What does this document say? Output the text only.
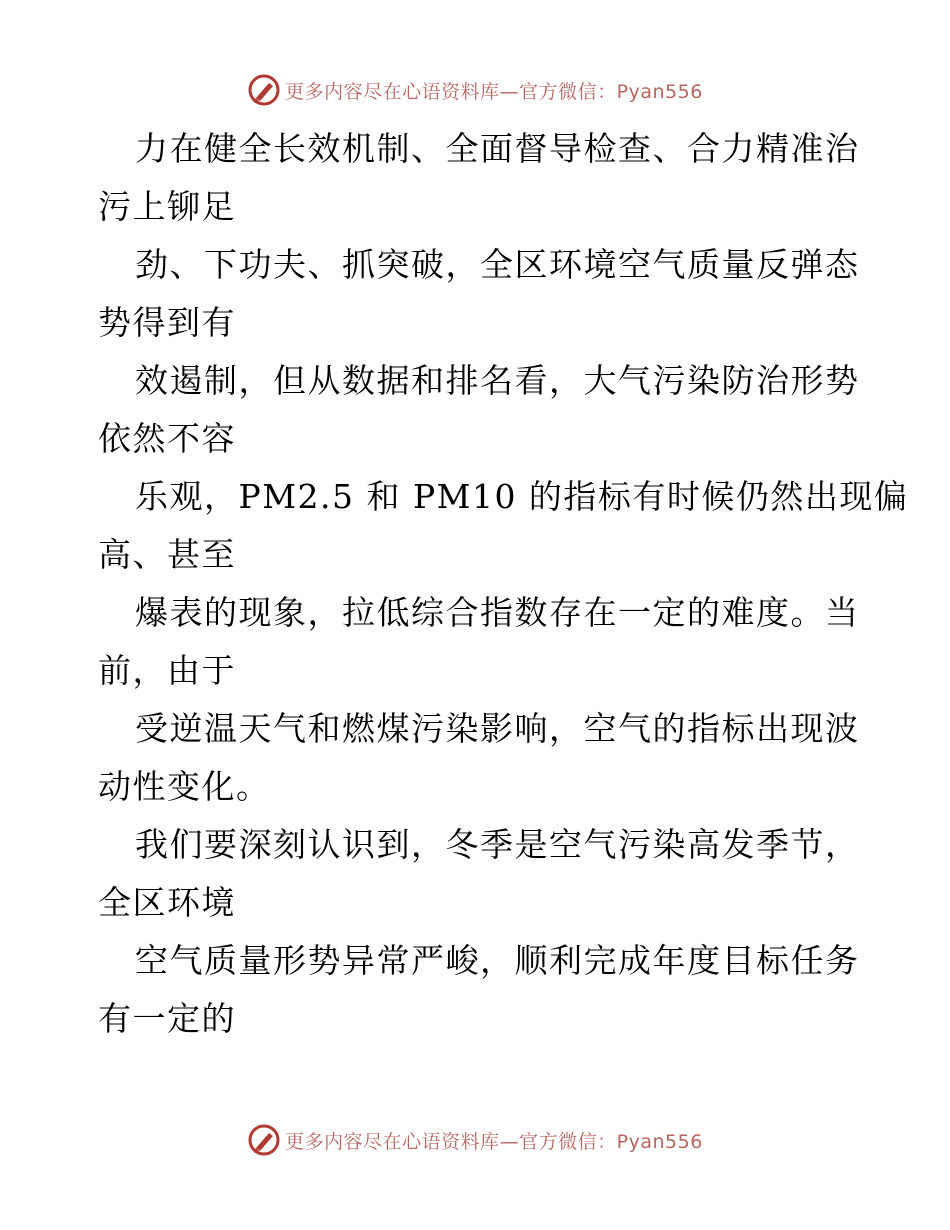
更多内容尽在心语资料库—官方微信：Pyan556

力在健全长效机制、全面督导检查、合力精准治
污上铆足

劲、下功夫、抓突破，全区环境空气质量反弹态
势得到有

效遏制，但从数据和排名看，大气污染防治形势
依然不容

乐观，PM2.5 和 PM10 的指标有时候仍然出现偏
高、甚至

爆表的现象，拉低综合指数存在一定的难度。当
前，由于

受逆温天气和燃煤污染影响，空气的指标出现波
动性变化。

我们要深刻认识到，冬季是空气污染高发季节，
全区环境

空气质量形势异常严峻，顺利完成年度目标任务
有一定的

更多内容尽在心语资料库—官方微信：Pyan556
